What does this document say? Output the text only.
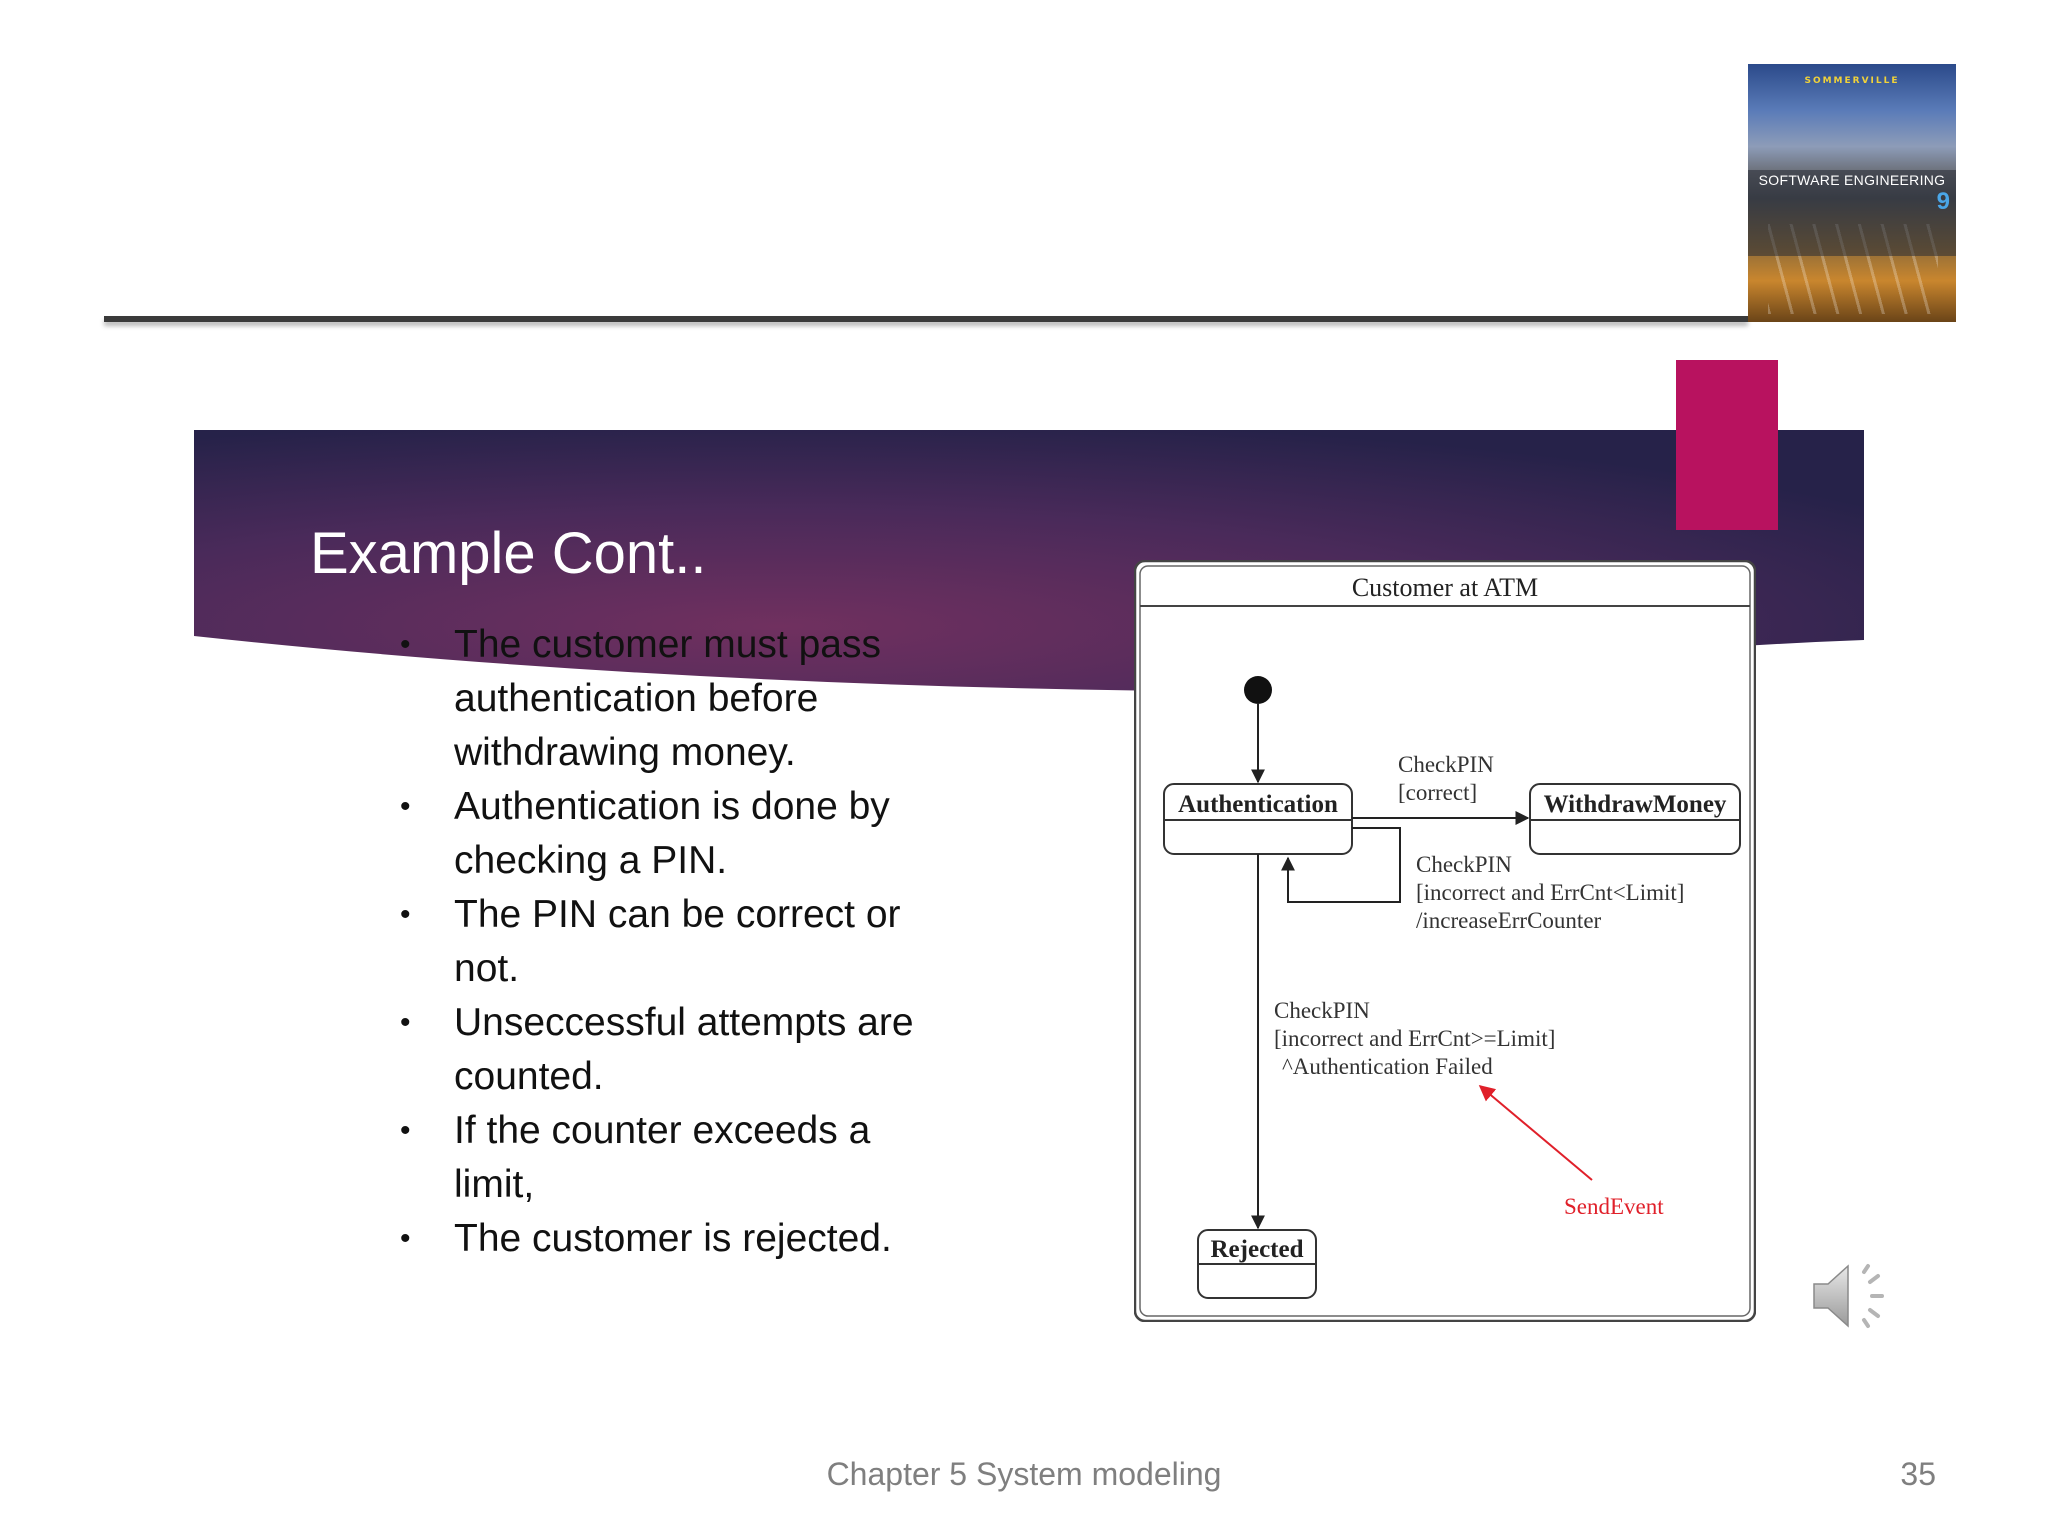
SOMMERVILLE
SOFTWARE ENGINEERING
9
Example Cont..
• The customer must pass authentication before withdrawing money.
• Authentication is done by checking a PIN.
• The PIN can be correct or not.
• Unseccessful attempts are counted.
• If the counter exceeds a limit,
• The customer is rejected.
Customer at ATM
Authentication	WithdrawMoney
Rejected
CheckPIN
[correct]
CheckPIN
[incorrect and ErrCnt<Limit]
/increaseErrCounter
CheckPIN
[incorrect and ErrCnt>=Limit]
^Authentication Failed
SendEvent
Chapter 5 System modeling	35
